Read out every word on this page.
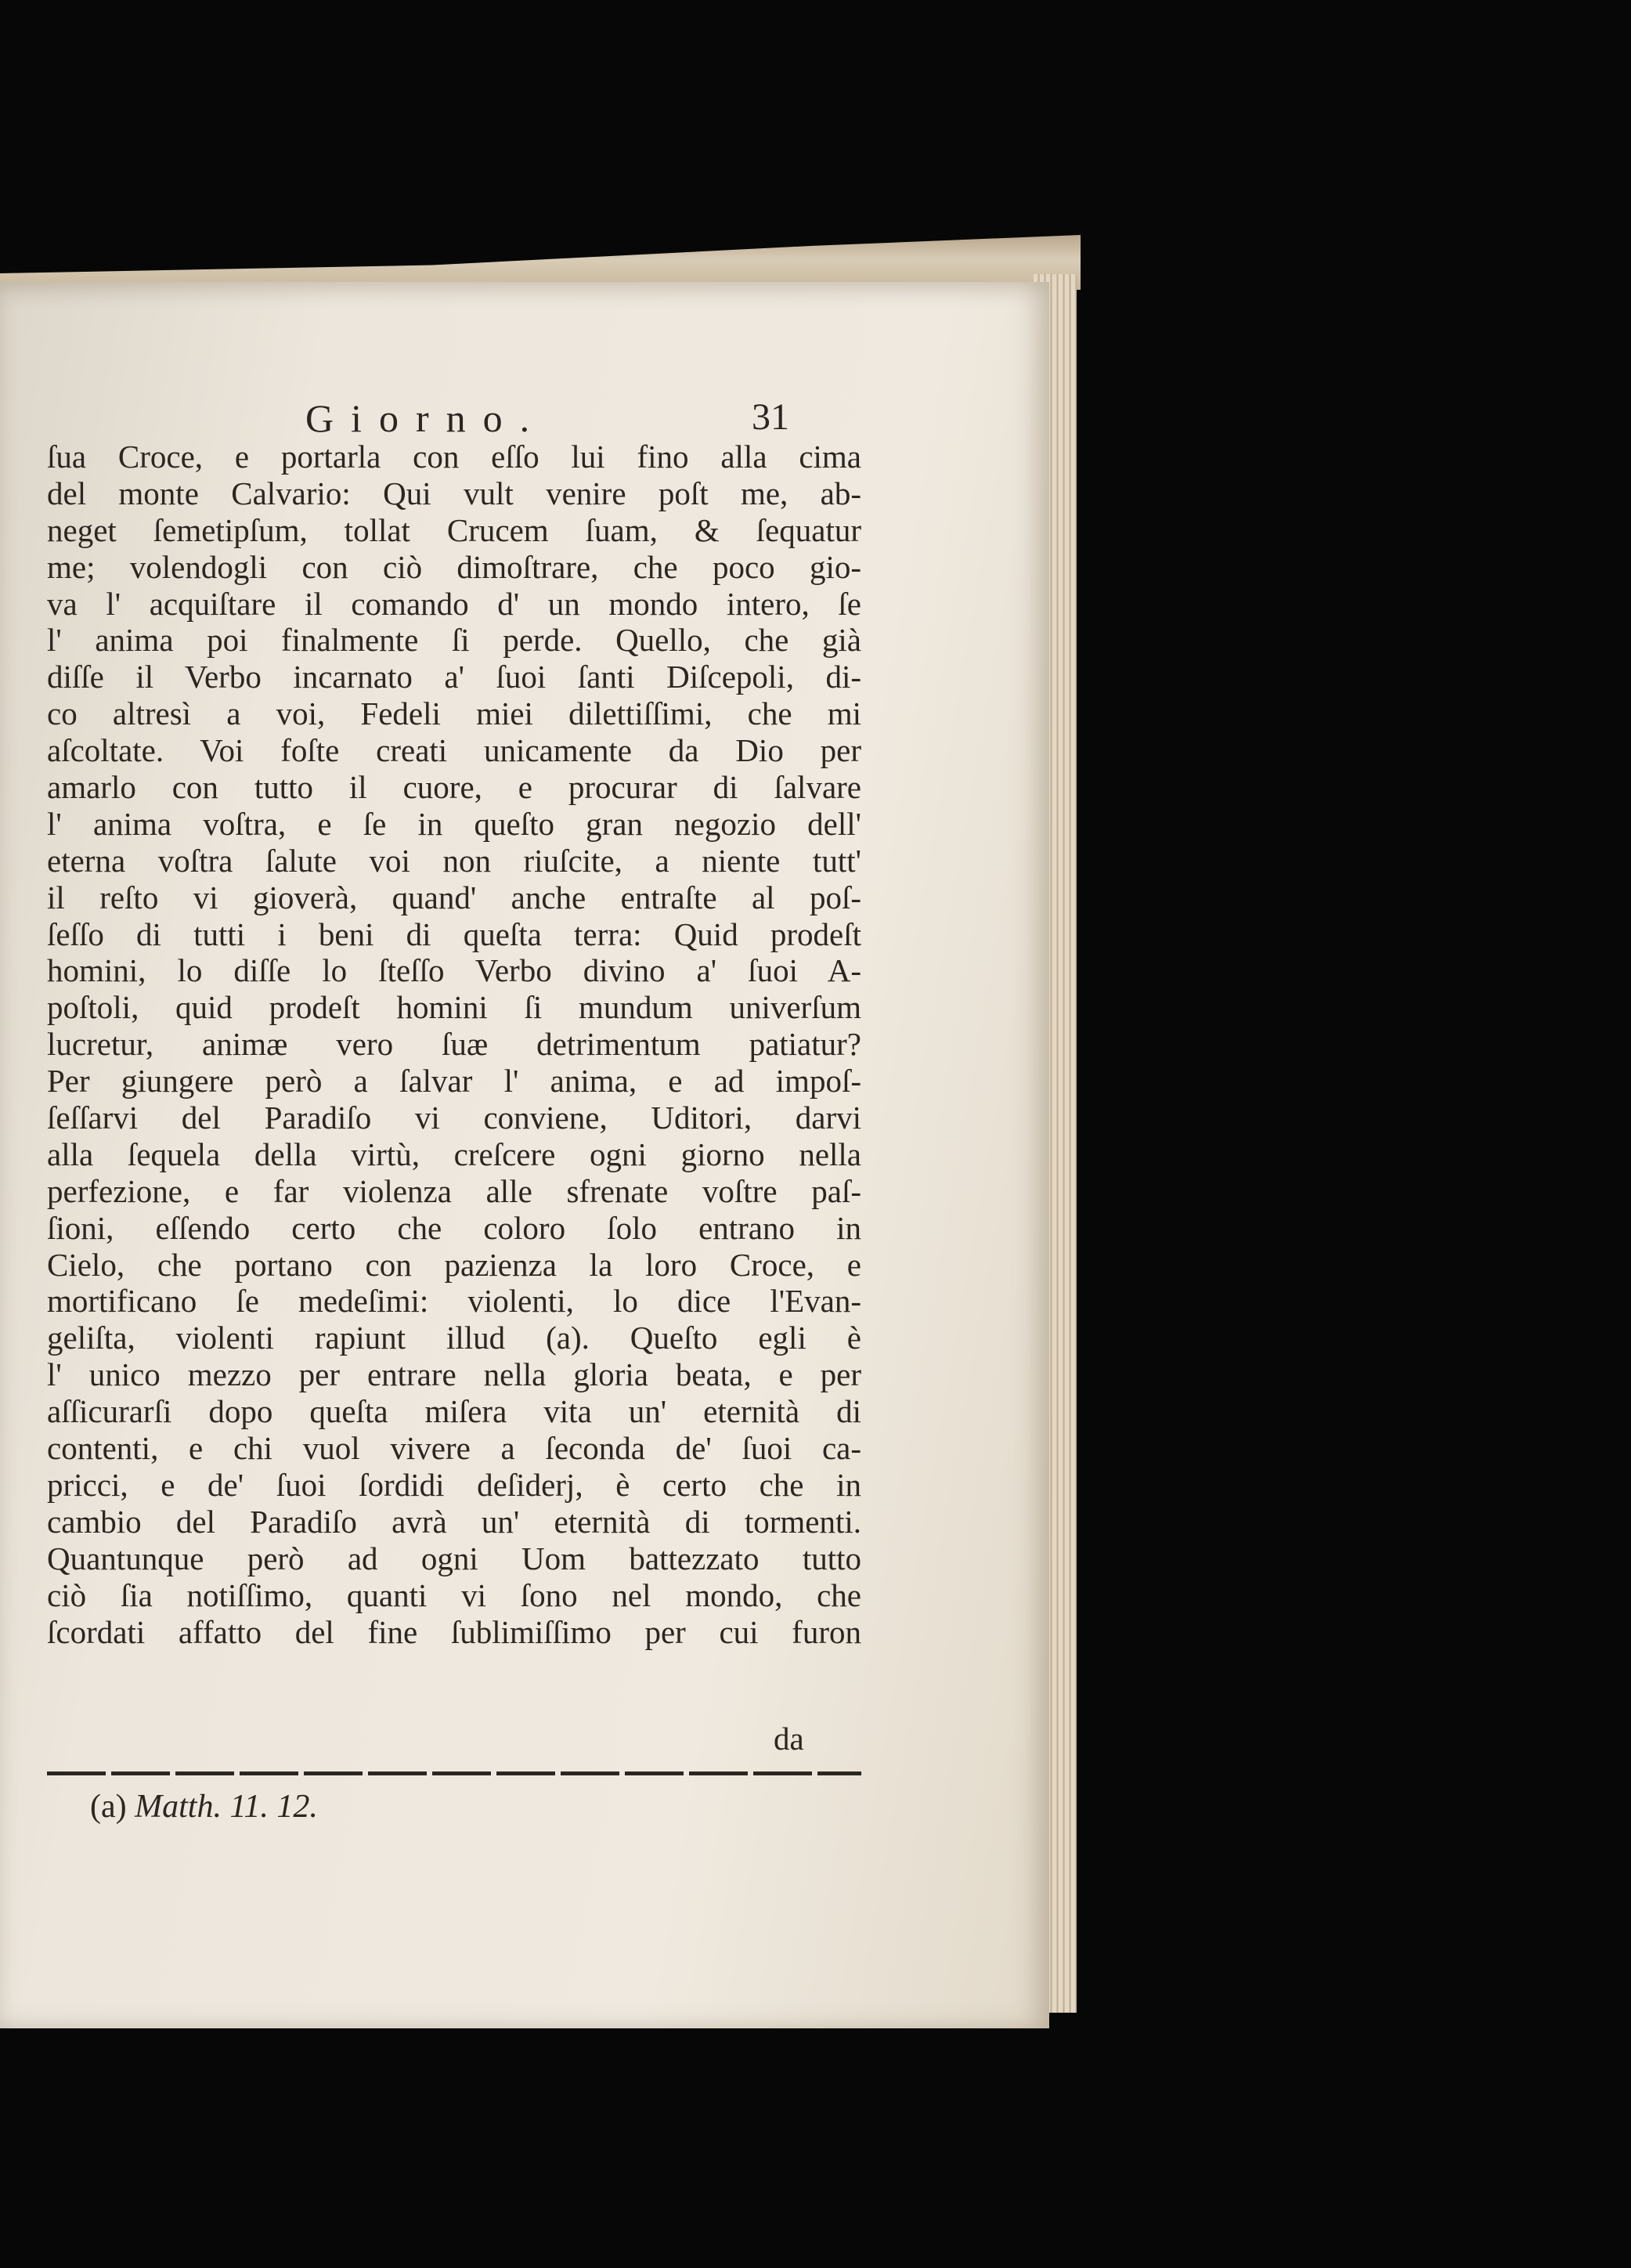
Giorno.	31
ſua Croce, e portarla con eſſo lui fino alla cima
del monte Calvario: Qui vult venire poſt me, ab-
neget ſemetipſum, tollat Crucem ſuam, & ſequatur
me; volendogli con ciò dimoſtrare, che poco gio-
va l' acquiſtare il comando d' un mondo intero, ſe
l' anima poi finalmente ſi perde. Quello, che già
diſſe il Verbo incarnato a' ſuoi ſanti Diſcepoli, di-
co altresì a voi, Fedeli miei dilettiſſimi, che mi
aſcoltate. Voi foſte creati unicamente da Dio per
amarlo con tutto il cuore, e procurar di ſalvare
l' anima voſtra, e ſe in queſto gran negozio dell'
eterna voſtra ſalute voi non riuſcite, a niente tutt'
il reſto vi gioverà, quand' anche entraſte al poſ-
ſeſſo di tutti i beni di queſta terra: Quid prodeſt
homini, lo diſſe lo ſteſſo Verbo divino a' ſuoi A-
poſtoli, quid prodeſt homini ſi mundum univerſum
lucretur, animæ vero ſuæ detrimentum patiatur?
Per giungere però a ſalvar l' anima, e ad impoſ-
ſeſſarvi del Paradiſo vi conviene, Uditori, darvi
alla ſequela della virtù, creſcere ogni giorno nella
perfezione, e far violenza alle sfrenate voſtre paſ-
ſioni, eſſendo certo che coloro ſolo entrano in
Cielo, che portano con pazienza la loro Croce, e
mortificano ſe medeſimi: violenti, lo dice l'Evan-
geliſta, violenti rapiunt illud (a). Queſto egli è
l' unico mezzo per entrare nella gloria beata, e per
aſſicurarſi dopo queſta miſera vita un' eternità di
contenti, e chi vuol vivere a ſeconda de' ſuoi ca-
pricci, e de' ſuoi ſordidi deſiderj, è certo che in
cambio del Paradiſo avrà un' eternità di tormenti.
Quantunque però ad ogni Uom battezzato tutto
ciò ſia notiſſimo, quanti vi ſono nel mondo, che
ſcordati affatto del fine ſublimiſſimo per cui furon
da
(a) Matth. 11. 12.
